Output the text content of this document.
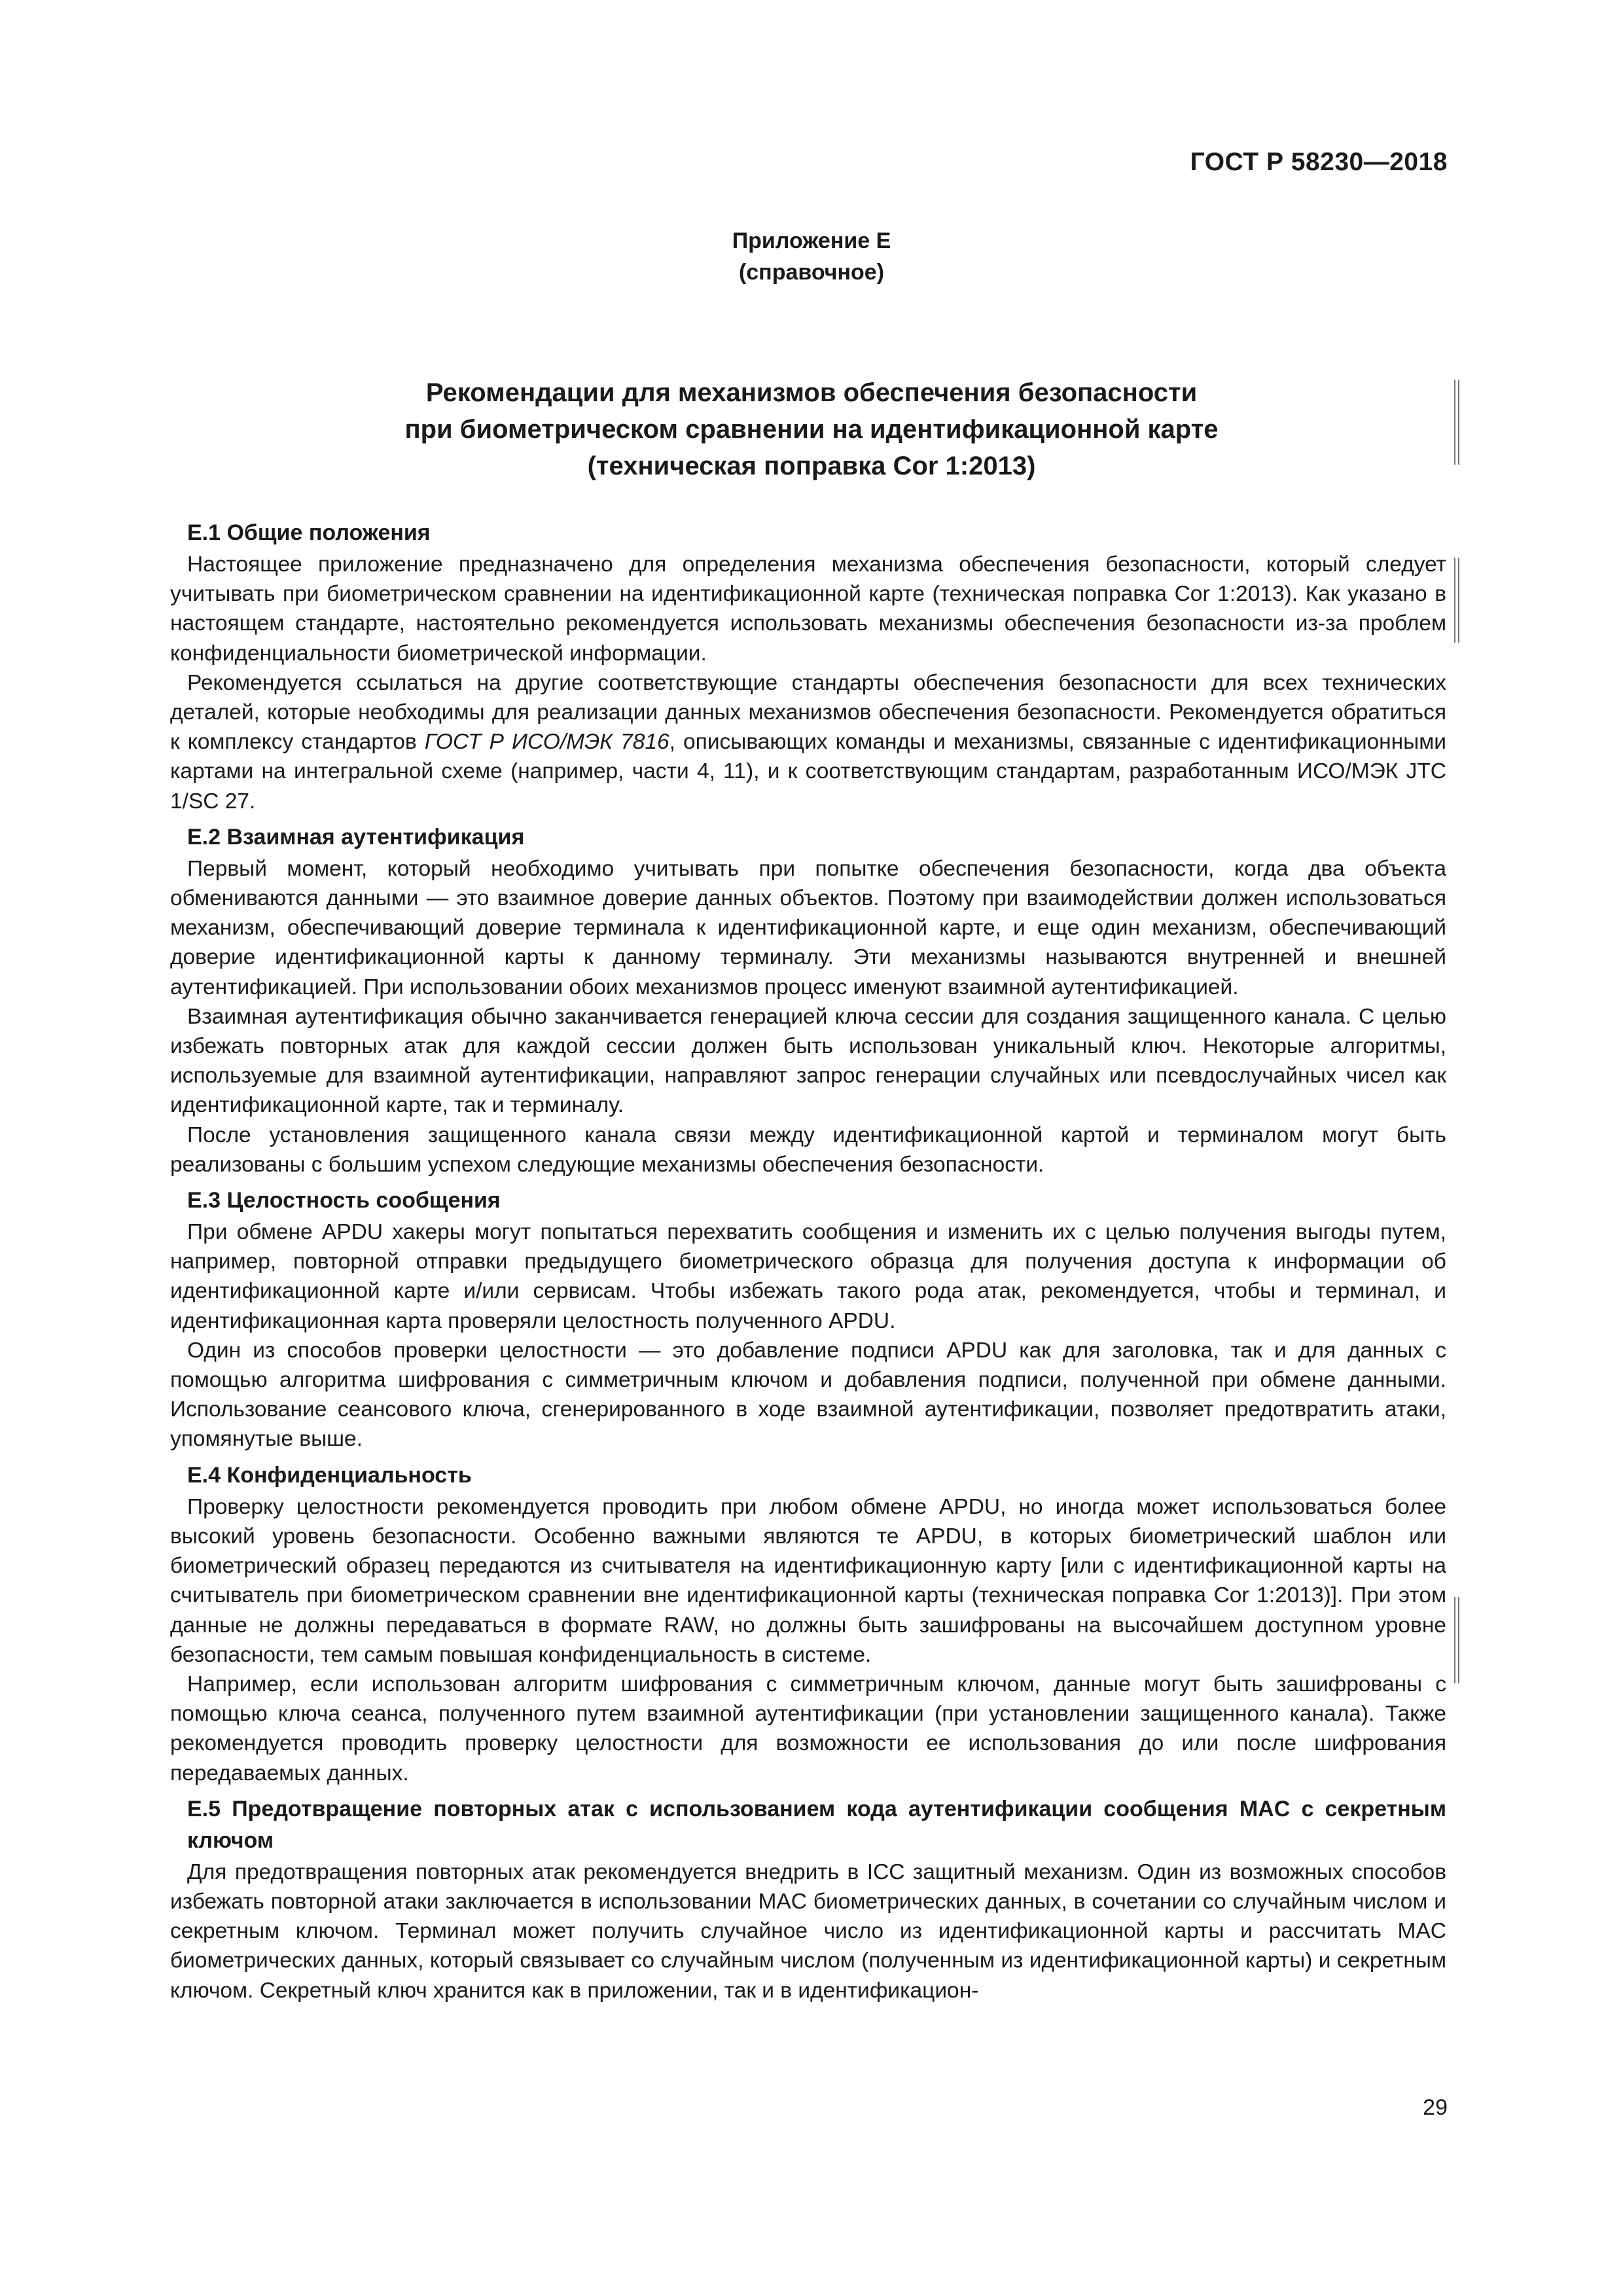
ГОСТ Р 58230—2018
Приложение Е
(справочное)
Рекомендации для механизмов обеспечения безопасности
при биометрическом сравнении на идентификационной карте
(техническая поправка Cor 1:2013)
Е.1 Общие положения

Настоящее приложение предназначено для определения механизма обеспечения безопасности, который следует учитывать при биометрическом сравнении на идентификационной карте (техническая поправка Cor 1:2013). Как указано в настоящем стандарте, настоятельно рекомендуется использовать механизмы обеспечения безопасности из-за проблем конфиденциальности биометрической информации.

Рекомендуется ссылаться на другие соответствующие стандарты обеспечения безопасности для всех технических деталей, которые необходимы для реализации данных механизмов обеспечения безопасности. Рекомендуется обратиться к комплексу стандартов ГОСТ Р ИСО/МЭК 7816, описывающих команды и механизмы, связанные с идентификационными картами на интегральной схеме (например, части 4, 11), и к соответствующим стандартам, разработанным ИСО/МЭК JTC 1/SC 27.

Е.2 Взаимная аутентификация

Первый момент, который необходимо учитывать при попытке обеспечения безопасности, когда два объекта обмениваются данными — это взаимное доверие данных объектов. Поэтому при взаимодействии должен использоваться механизм, обеспечивающий доверие терминала к идентификационной карте, и еще один механизм, обеспечивающий доверие идентификационной карты к данному терминалу. Эти механизмы называются внутренней и внешней аутентификацией. При использовании обоих механизмов процесс именуют взаимной аутентификацией.

Взаимная аутентификация обычно заканчивается генерацией ключа сессии для создания защищенного канала. С целью избежать повторных атак для каждой сессии должен быть использован уникальный ключ. Некоторые алгоритмы, используемые для взаимной аутентификации, направляют запрос генерации случайных или псевдослучайных чисел как идентификационной карте, так и терминалу.

После установления защищенного канала связи между идентификационной картой и терминалом могут быть реализованы с большим успехом следующие механизмы обеспечения безопасности.

Е.3 Целостность сообщения

При обмене APDU хакеры могут попытаться перехватить сообщения и изменить их с целью получения выгоды путем, например, повторной отправки предыдущего биометрического образца для получения доступа к информации об идентификационной карте и/или сервисам. Чтобы избежать такого рода атак, рекомендуется, чтобы и терминал, и идентификационная карта проверяли целостность полученного APDU.

Один из способов проверки целостности — это добавление подписи APDU как для заголовка, так и для данных с помощью алгоритма шифрования с симметричным ключом и добавления подписи, полученной при обмене данными. Использование сеансового ключа, сгенерированного в ходе взаимной аутентификации, позволяет предотвратить атаки, упомянутые выше.

Е.4 Конфиденциальность

Проверку целостности рекомендуется проводить при любом обмене APDU, но иногда может использоваться более высокий уровень безопасности. Особенно важными являются те APDU, в которых биометрический шаблон или биометрический образец передаются из считывателя на идентификационную карту [или с идентификационной карты на считыватель при биометрическом сравнении вне идентификационной карты (техническая поправка Cor 1:2013)]. При этом данные не должны передаваться в формате RAW, но должны быть зашифрованы на высочайшем доступном уровне безопасности, тем самым повышая конфиденциальность в системе.

Например, если использован алгоритм шифрования с симметричным ключом, данные могут быть зашифрованы с помощью ключа сеанса, полученного путем взаимной аутентификации (при установлении защищенного канала). Также рекомендуется проводить проверку целостности для возможности ее использования до или после шифрования передаваемых данных.

Е.5 Предотвращение повторных атак с использованием кода аутентификации сообщения MAC с секретным ключом

Для предотвращения повторных атак рекомендуется внедрить в ICC защитный механизм. Один из возможных способов избежать повторной атаки заключается в использовании MAC биометрических данных, в сочетании со случайным числом и секретным ключом. Терминал может получить случайное число из идентификационной карты и рассчитать MAC биометрических данных, который связывает со случайным числом (полученным из идентификационной карты) и секретным ключом. Секретный ключ хранится как в приложении, так и в идентификацион-

29
